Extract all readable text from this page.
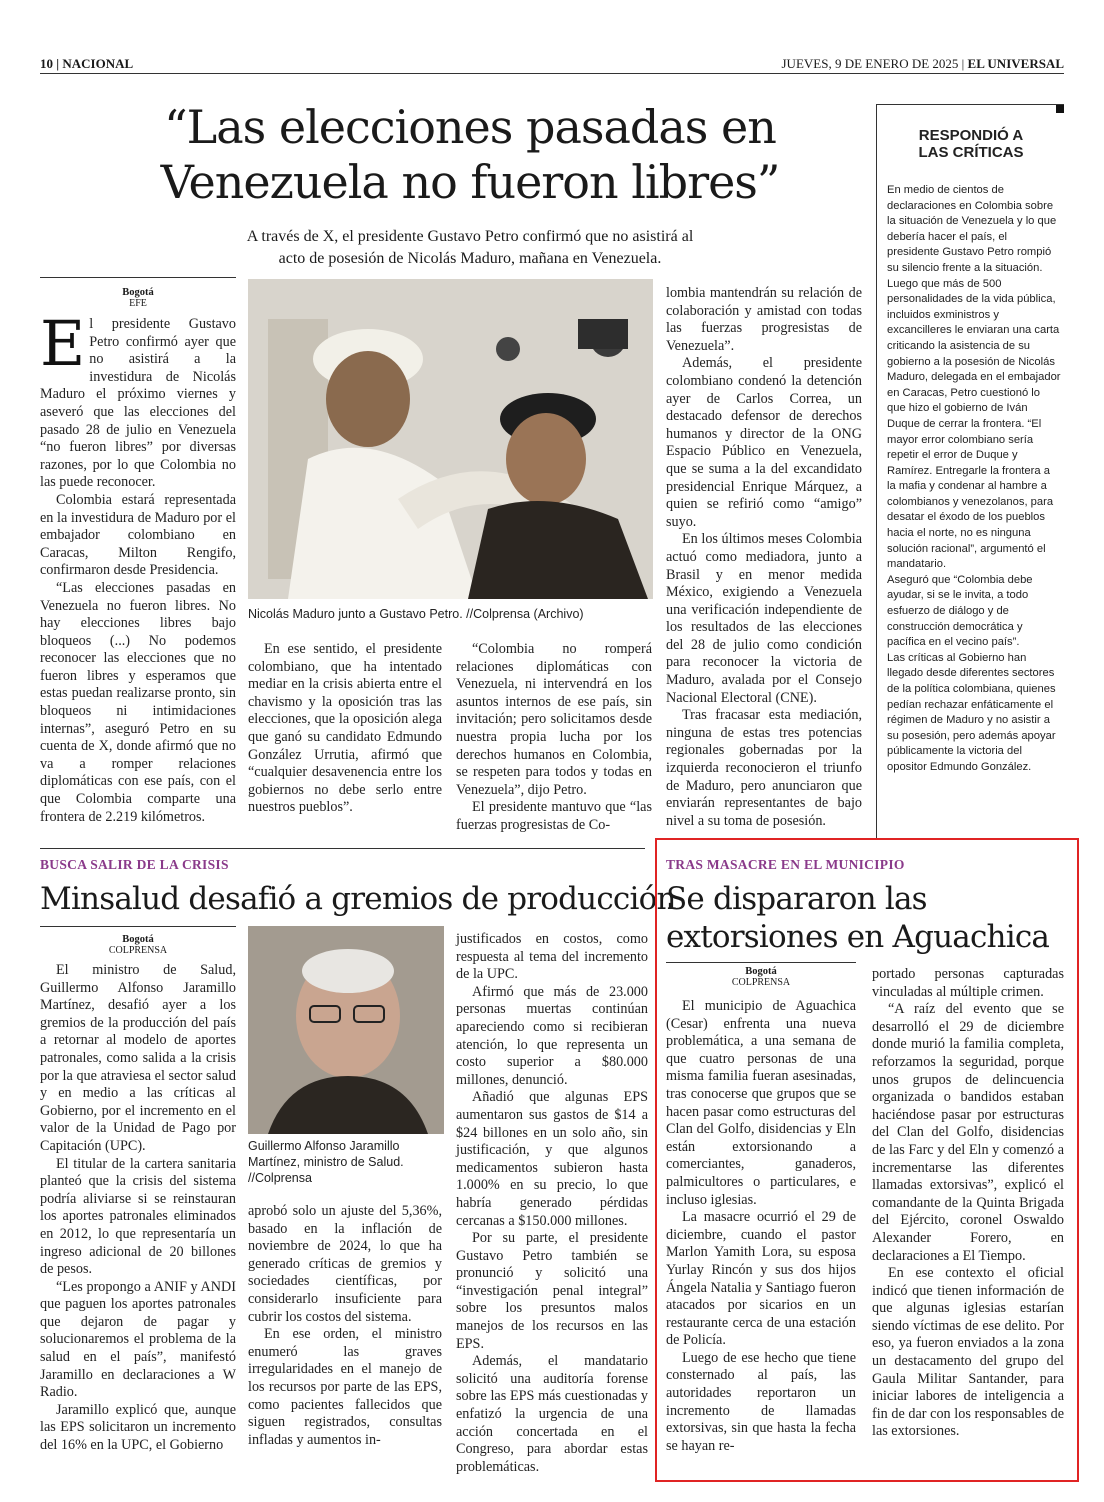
10 | NACIONAL	JUEVES, 9 DE ENERO DE 2025 | EL UNIVERSAL
“Las elecciones pasadas en
Venezuela no fueron libres”
A través de X, el presidente Gustavo Petro confirmó que no asistirá al
acto de posesión de Nicolás Maduro, mañana en Venezuela.
Bogotá
EFE

El presidente Gustavo Petro confirmó ayer que no asistirá a la investidura de Nicolás Maduro el próximo viernes y aseveró que las elecciones del pasado 28 de julio en Venezuela “no fueron libres” por diversas razones, por lo que Colombia no las puede reconocer.

Colombia estará representada en la investidura de Maduro por el embajador colombiano en Caracas, Milton Rengifo, confirmaron desde Presidencia.

“Las elecciones pasadas en Venezuela no fueron libres. No hay elecciones libres bajo bloqueos (...) No podemos reconocer las elecciones que no fueron libres y esperamos que estas puedan realizarse pronto, sin bloqueos ni intimidaciones internas”, aseguró Petro en su cuenta de X, donde afirmó que no va a romper relaciones diplomáticas con ese país, con el que Colombia comparte una frontera de 2.219 kilómetros.

Nicolás Maduro junto a Gustavo Petro. //Colprensa (Archivo)

En ese sentido, el presidente colombiano, que ha intentado mediar en la crisis abierta entre el chavismo y la oposición tras las elecciones, que la oposición alega que ganó su candidato Edmundo González Urrutia, afirmó que “cualquier desavenencia entre los gobiernos no debe serlo entre nuestros pueblos”.

“Colombia no romperá relaciones diplomáticas con Venezuela, ni intervendrá en los asuntos internos de ese país, sin invitación; pero solicitamos desde nuestra propia lucha por los derechos humanos en Colombia, se respeten para todos y todas en Venezuela”, dijo Petro.

El presidente mantuvo que “las fuerzas progresistas de Co-

lombia mantendrán su relación de colaboración y amistad con todas las fuerzas progresistas de Venezuela”.

Además, el presidente colombiano condenó la detención ayer de Carlos Correa, un destacado defensor de derechos humanos y director de la ONG Espacio Público en Venezuela, que se suma a la del excandidato presidencial Enrique Márquez, a quien se refirió como “amigo” suyo.

En los últimos meses Colombia actuó como mediadora, junto a Brasil y en menor medida México, exigiendo a Venezuela una verificación independiente de los resultados de las elecciones del 28 de julio como condición para reconocer la victoria de Maduro, avalada por el Consejo Nacional Electoral (CNE).

Tras fracasar esta mediación, ninguna de estas tres potencias regionales gobernadas por la izquierda reconocieron el triunfo de Maduro, pero anunciaron que enviarán representantes de bajo nivel a su toma de posesión.

RESPONDIÓ A
LAS CRÍTICAS

En medio de cientos de declaraciones en Colombia sobre la situación de Venezuela y lo que debería hacer el país, el presidente Gustavo Petro rompió su silencio frente a la situación.

Luego que más de 500 personalidades de la vida pública, incluidos exministros y excancilleres le enviaran una carta criticando la asistencia de su gobierno a la posesión de Nicolás Maduro, delegada en el embajador en Caracas, Petro cuestionó lo que hizo el gobierno de Iván Duque de cerrar la frontera. “El mayor error colombiano sería repetir el error de Duque y Ramírez. Entregarle la frontera a la mafia y condenar al hambre a colombianos y venezolanos, para desatar el éxodo de los pueblos hacia el norte, no es ninguna solución racional”, argumentó el mandatario.

Aseguró que “Colombia debe ayudar, si se le invita, a todo esfuerzo de diálogo y de construcción democrática y pacífica en el vecino país”.

Las críticas al Gobierno han llegado desde diferentes sectores de la política colombiana, quienes pedían rechazar enfáticamente el régimen de Maduro y no asistir a su posesión, pero además apoyar públicamente la victoria del opositor Edmundo González.

BUSCA SALIR DE LA CRISIS
Minsalud desafió a gremios de producción
Bogotá
COLPRENSA

El ministro de Salud, Guillermo Alfonso Jaramillo Martínez, desafió ayer a los gremios de la producción del país a retornar al modelo de aportes patronales, como salida a la crisis por la que atraviesa el sector salud y en medio a las críticas al Gobierno, por el incremento en el valor de la Unidad de Pago por Capitación (UPC).

El titular de la cartera sanitaria planteó que la crisis del sistema podría aliviarse si se reinstauran los aportes patronales eliminados en 2012, lo que representaría un ingreso adicional de 20 billones de pesos.

“Les propongo a ANIF y ANDI que paguen los aportes patronales que dejaron de pagar y solucionaremos el problema de la salud en el país”, manifestó Jaramillo en declaraciones a W Radio.

Jaramillo explicó que, aunque las EPS solicitaron un incremento del 16% en la UPC, el Gobierno

Guillermo Alfonso Jaramillo Martínez, ministro de Salud. //Colprensa

aprobó solo un ajuste del 5,36%, basado en la inflación de noviembre de 2024, lo que ha generado críticas de gremios y sociedades científicas, por considerarlo insuficiente para cubrir los costos del sistema.

En ese orden, el ministro enumeró las graves irregularidades en el manejo de los recursos por parte de las EPS, como pacientes fallecidos que siguen registrados, consultas infladas y aumentos in-

justificados en costos, como respuesta al tema del incremento de la UPC.

Afirmó que más de 23.000 personas muertas continúan apareciendo como si recibieran atención, lo que representa un costo superior a $80.000 millones, denunció.

Añadió que algunas EPS aumentaron sus gastos de $14 a $24 billones en un solo año, sin justificación, y que algunos medicamentos subieron hasta 1.000% en su precio, lo que habría generado pérdidas cercanas a $150.000 millones.

Por su parte, el presidente Gustavo Petro también se pronunció y solicitó una “investigación penal integral” sobre los presuntos malos manejos de los recursos en las EPS.

Además, el mandatario solicitó una auditoría forense sobre las EPS más cuestionadas y enfatizó la urgencia de una acción concertada en el Congreso, para abordar estas problemáticas.

TRAS MASACRE EN EL MUNICIPIO
Se dispararon las
extorsiones en Aguachica
Bogotá
COLPRENSA

El municipio de Aguachica (Cesar) enfrenta una nueva problemática, a una semana de que cuatro personas de una misma familia fueran asesinadas, tras conocerse que grupos que se hacen pasar como estructuras del Clan del Golfo, disidencias y Eln están extorsionando a comerciantes, ganaderos, palmicultores o particulares, e incluso iglesias.

La masacre ocurrió el 29 de diciembre, cuando el pastor Marlon Yamith Lora, su esposa Yurlay Rincón y sus dos hijos Ángela Natalia y Santiago fueron atacados por sicarios en un restaurante cerca de una estación de Policía.

Luego de ese hecho que tiene consternado al país, las autoridades reportaron un incremento de llamadas extorsivas, sin que hasta la fecha se hayan re-

portado personas capturadas vinculadas al múltiple crimen.

“A raíz del evento que se desarrolló el 29 de diciembre donde murió la familia completa, reforzamos la seguridad, porque unos grupos de delincuencia organizada o bandidos estaban haciéndose pasar por estructuras del Clan del Golfo, disidencias de las Farc y del Eln y comenzó a incrementarse las diferentes llamadas extorsivas”, explicó el comandante de la Quinta Brigada del Ejército, coronel Oswaldo Alexander Forero, en declaraciones a El Tiempo.

En ese contexto el oficial indicó que tienen información de que algunas iglesias estarían siendo víctimas de ese delito. Por eso, ya fueron enviados a la zona un destacamento del grupo del Gaula Militar Santander, para iniciar labores de inteligencia a fin de dar con los responsables de las extorsiones.
